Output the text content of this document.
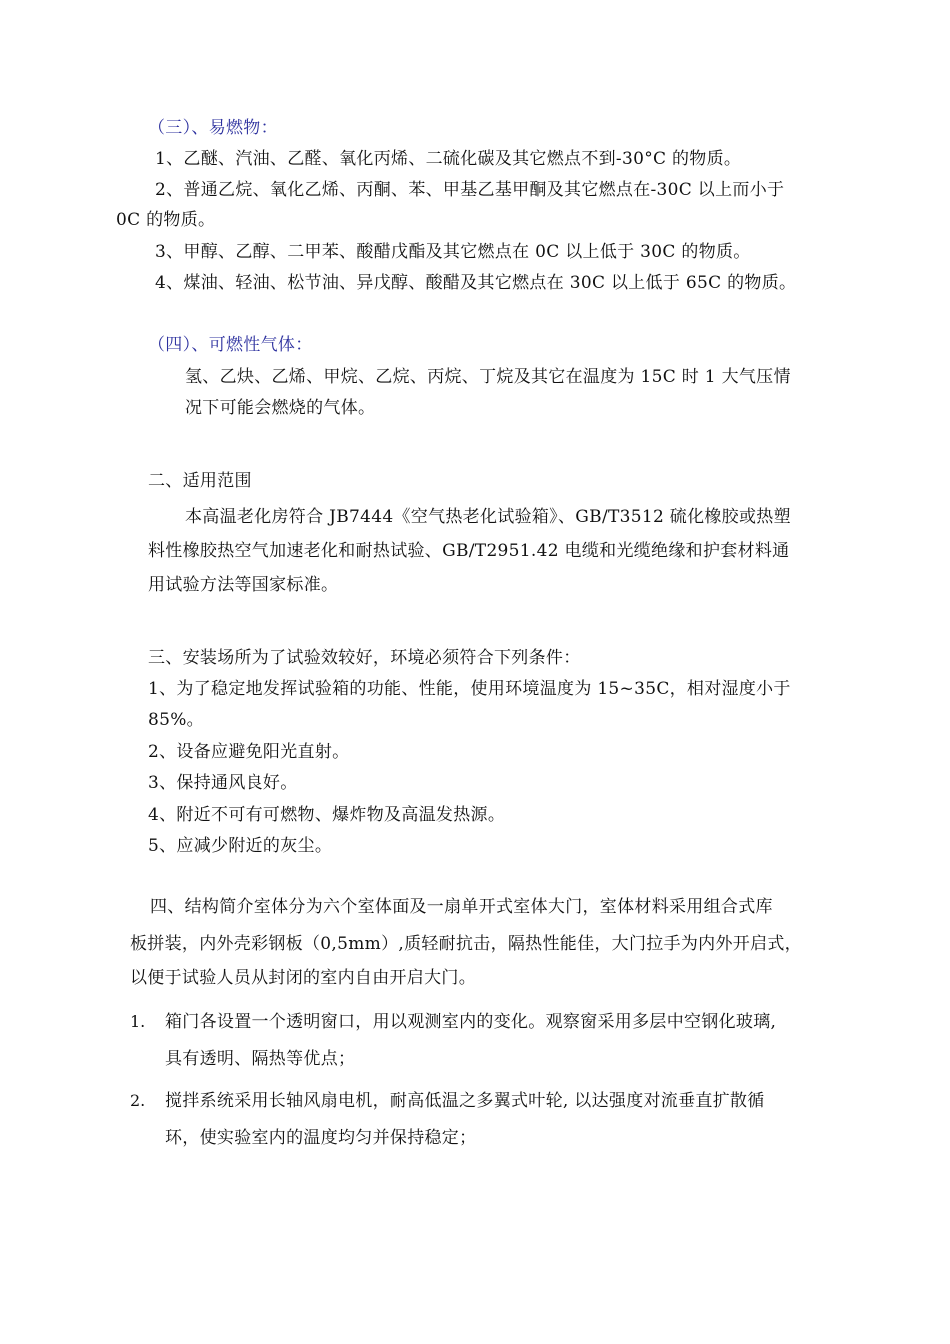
（三）、易燃物：
1、乙醚、汽油、乙醛、氧化丙烯、二硫化碳及其它燃点不到-30°C 的物质。
2、普通乙烷、氧化乙烯、丙酮、苯、甲基乙基甲酮及其它燃点在-30C 以上而小于
0C 的物质。
3、甲醇、乙醇、二甲苯、酸醋戊酯及其它燃点在 0C 以上低于 30C 的物质。
4、煤油、轻油、松节油、异戊醇、酸醋及其它燃点在 30C 以上低于 65C 的物质。
（四）、可燃性气体：
氢、乙炔、乙烯、甲烷、乙烷、丙烷、丁烷及其它在温度为 15C 时 1 大气压情
况下可能会燃烧的气体。
二、适用范围
本高温老化房符合 JB7444《空气热老化试验箱》、GB/T3512 硫化橡胶或热塑
料性橡胶热空气加速老化和耐热试验、GB/T2951.42 电缆和光缆绝缘和护套材料通
用试验方法等国家标准。
三、安装场所为了试验效较好，环境必须符合下列条件：
1、为了稳定地发挥试验箱的功能、性能，使用环境温度为 15~35C，相对湿度小于
85%。
2、设备应避免阳光直射。
3、保持通风良好。
4、附近不可有可燃物、爆炸物及高温发热源。
5、应减少附近的灰尘。
四、结构简介室体分为六个室体面及一扇单开式室体大门，室体材料采用组合式库
板拼装，内外壳彩钢板（0,5mm）,质轻耐抗击，隔热性能佳，大门拉手为内外开启式，
以便于试验人员从封闭的室内自由开启大门。
1. 箱门各设置一个透明窗口，用以观测室内的变化。观察窗采用多层中空钢化玻璃,
具有透明、隔热等优点；
2. 搅拌系统采用长轴风扇电机，耐高低温之多翼式叶轮, 以达强度对流垂直扩散循
环，使实验室内的温度均匀并保持稳定；
